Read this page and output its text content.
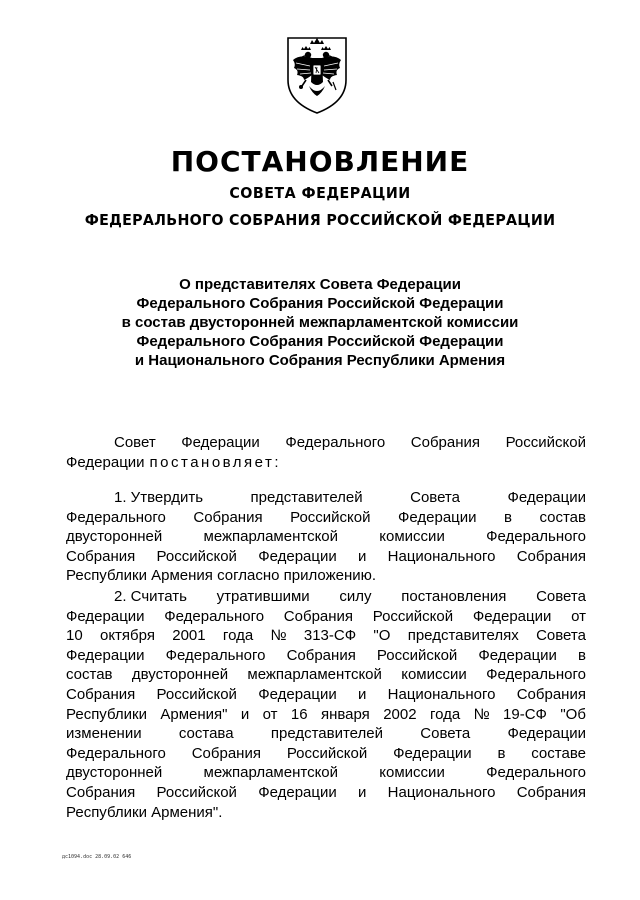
ПОСТАНОВЛЕНИЕ
СОВЕТА ФЕДЕРАЦИИ
ФЕДЕРАЛЬНОГО СОБРАНИЯ РОССИЙСКОЙ ФЕДЕРАЦИИ
О представителях Совета Федерации
Федерального Собрания Российской Федерации
в состав двусторонней межпарламентской комиссии
Федерального Собрания Российской Федерации
и Национального Собрания Республики Армения
Совет Федерации Федерального Собрания Российской
Федерации постановляет:
1. Утвердить	представителей	Совета	Федерации
Федерального Собрания Российской Федерации в состав
двусторонней	межпарламентской	комиссии	Федерального
Собрания Российской Федерации и Национального Собрания
Республики Армения согласно приложению.
2. Считать утратившими силу постановления Совета
Федерации Федерального Собрания Российской Федерации от
10 октября 2001 года № 313-СФ "О представителях Совета
Федерации Федерального Собрания Российской Федерации в
состав двусторонней межпарламентской комиссии Федерального
Собрания Российской Федерации и Национального Собрания
Республики Армения" и от 16 января 2002 года № 19-СФ "Об
изменении состава представителей Совета Федерации
Федерального Собрания Российской Федерации в составе
двусторонней	межпарламентской	комиссии	Федерального
Собрания Российской Федерации и Национального Собрания
Республики Армения".
дс1094.doc 28.09.02 646
